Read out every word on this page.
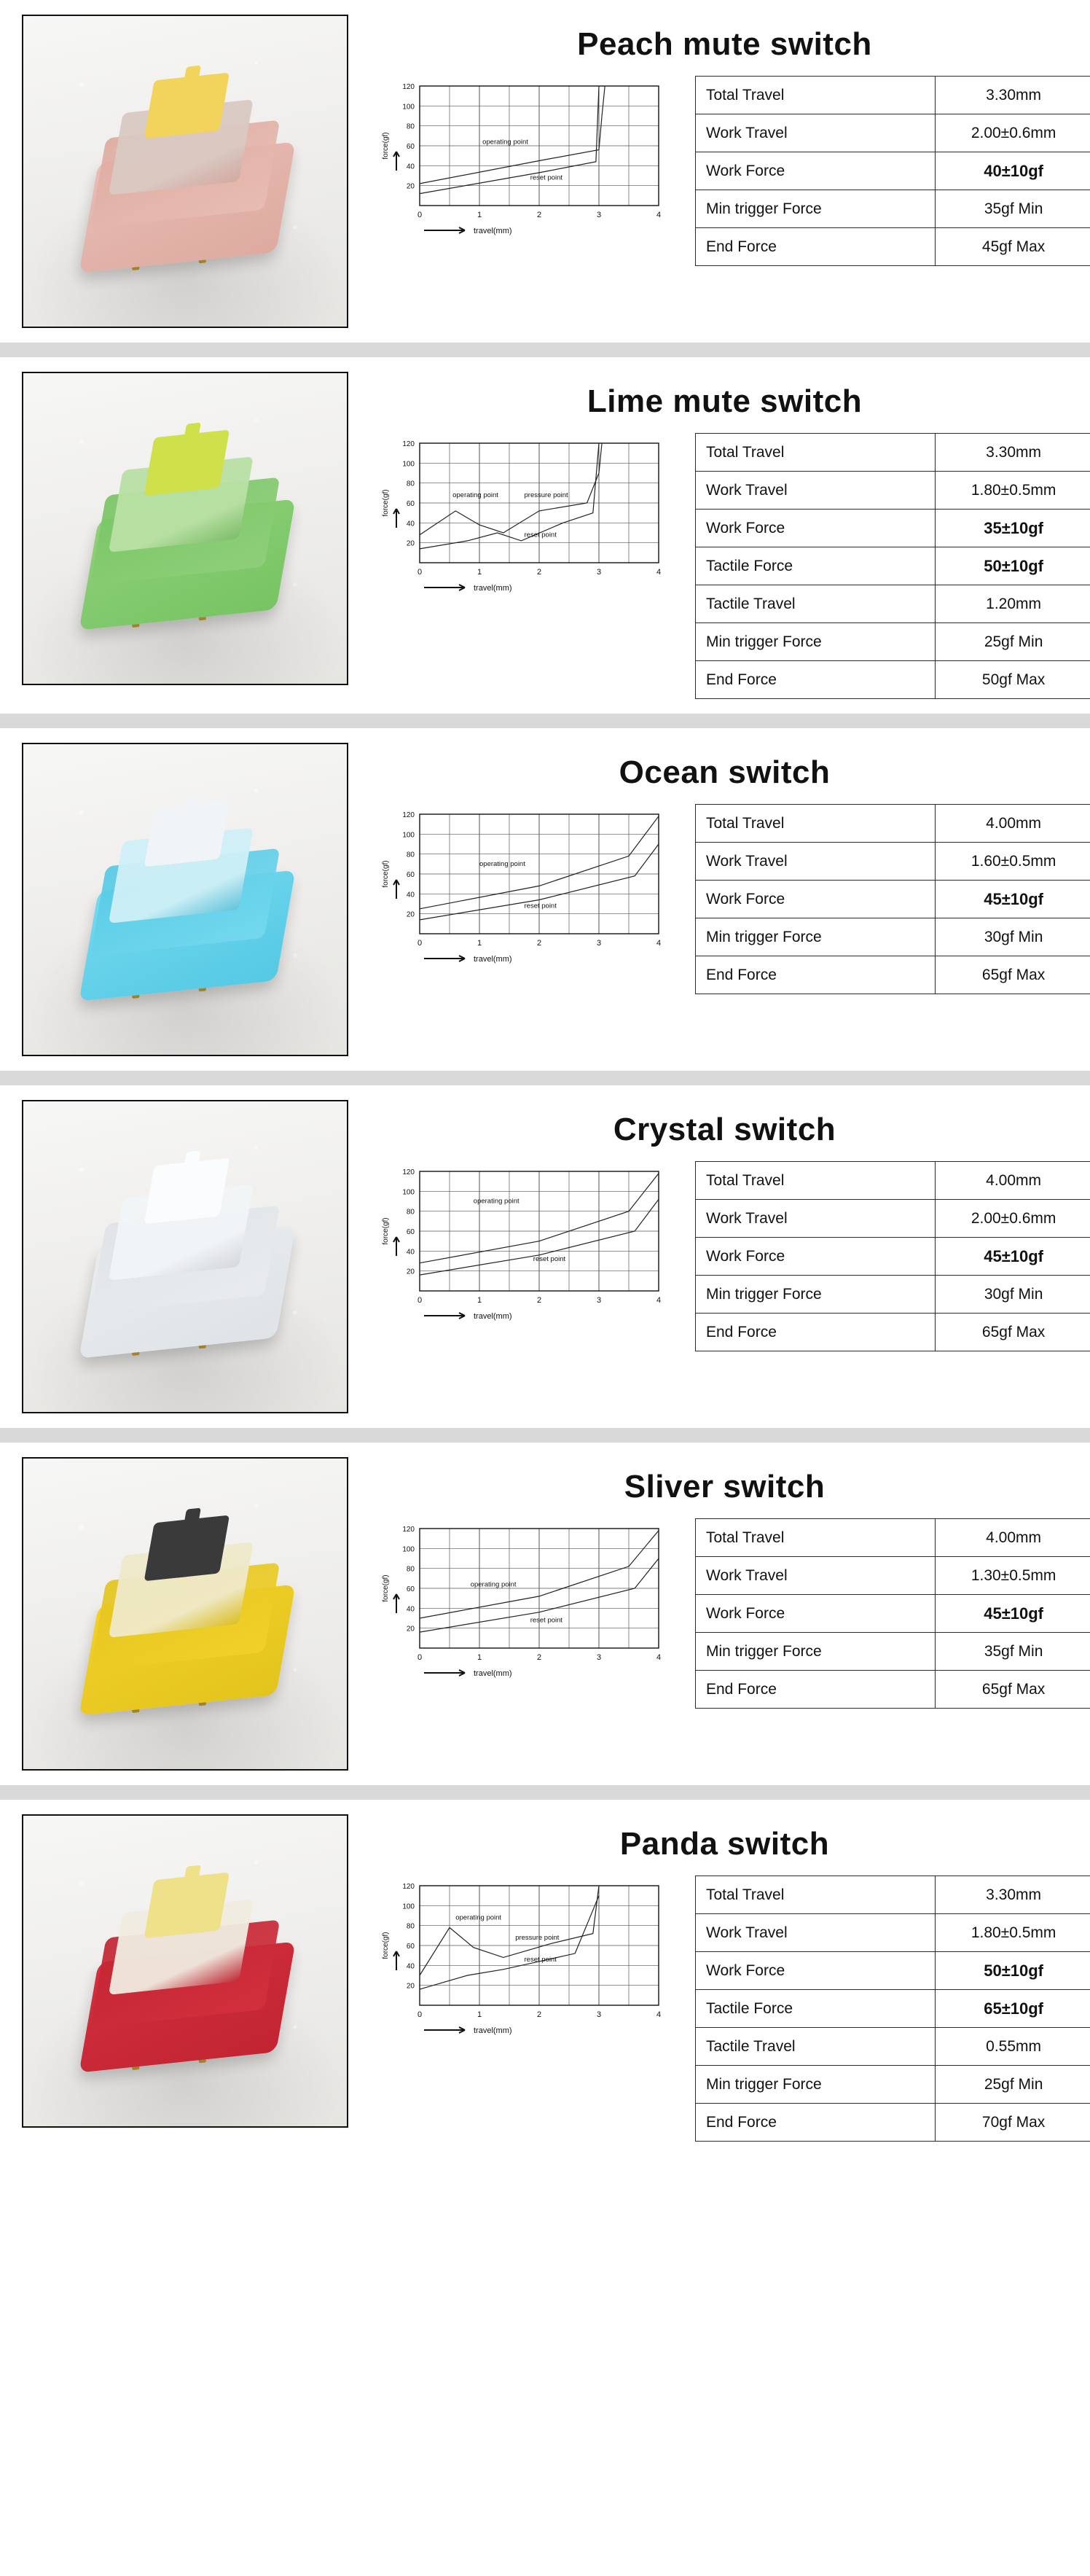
Peach mute switch
20
40
60
80
100
120
0	1	2	3	4
force(gf)
travel(mm)
operating point
reset point
Total Travel	3.30mm
Work Travel	2.00±0.6mm
Work Force	40±10gf
Min trigger Force	35gf Min
End Force	45gf Max
Lime mute switch
20
40
60
80
100
120
0	1	2	3	4
force(gf)
travel(mm)
operating point	pressure point
reset point
Total Travel	3.30mm
Work Travel	1.80±0.5mm
Work Force	35±10gf
Tactile Force	50±10gf
Tactile Travel	1.20mm
Min trigger Force	25gf Min
End Force	50gf Max
Ocean switch
20
40
60
80
100
120
0	1	2	3	4
force(gf)
travel(mm)
operating point
reset point
Total Travel	4.00mm
Work Travel	1.60±0.5mm
Work Force	45±10gf
Min trigger Force	30gf Min
End Force	65gf Max
Crystal switch
20
40
60
80
100
120
0	1	2	3	4
force(gf)
travel(mm)
operating point
reset point
Total Travel	4.00mm
Work Travel	2.00±0.6mm
Work Force	45±10gf
Min trigger Force	30gf Min
End Force	65gf Max
Sliver switch
20
40
60
80
100
120
0	1	2	3	4
force(gf)
travel(mm)
operating point
reset point
Total Travel	4.00mm
Work Travel	1.30±0.5mm
Work Force	45±10gf
Min trigger Force	35gf Min
End Force	65gf Max
Panda switch
20
40
60
80
100
120
0	1	2	3	4
force(gf)
travel(mm)
operating point
pressure point
reset point
Total Travel	3.30mm
Work Travel	1.80±0.5mm
Work Force	50±10gf
Tactile Force	65±10gf
Tactile Travel	0.55mm
Min trigger Force	25gf Min
End Force	70gf Max
